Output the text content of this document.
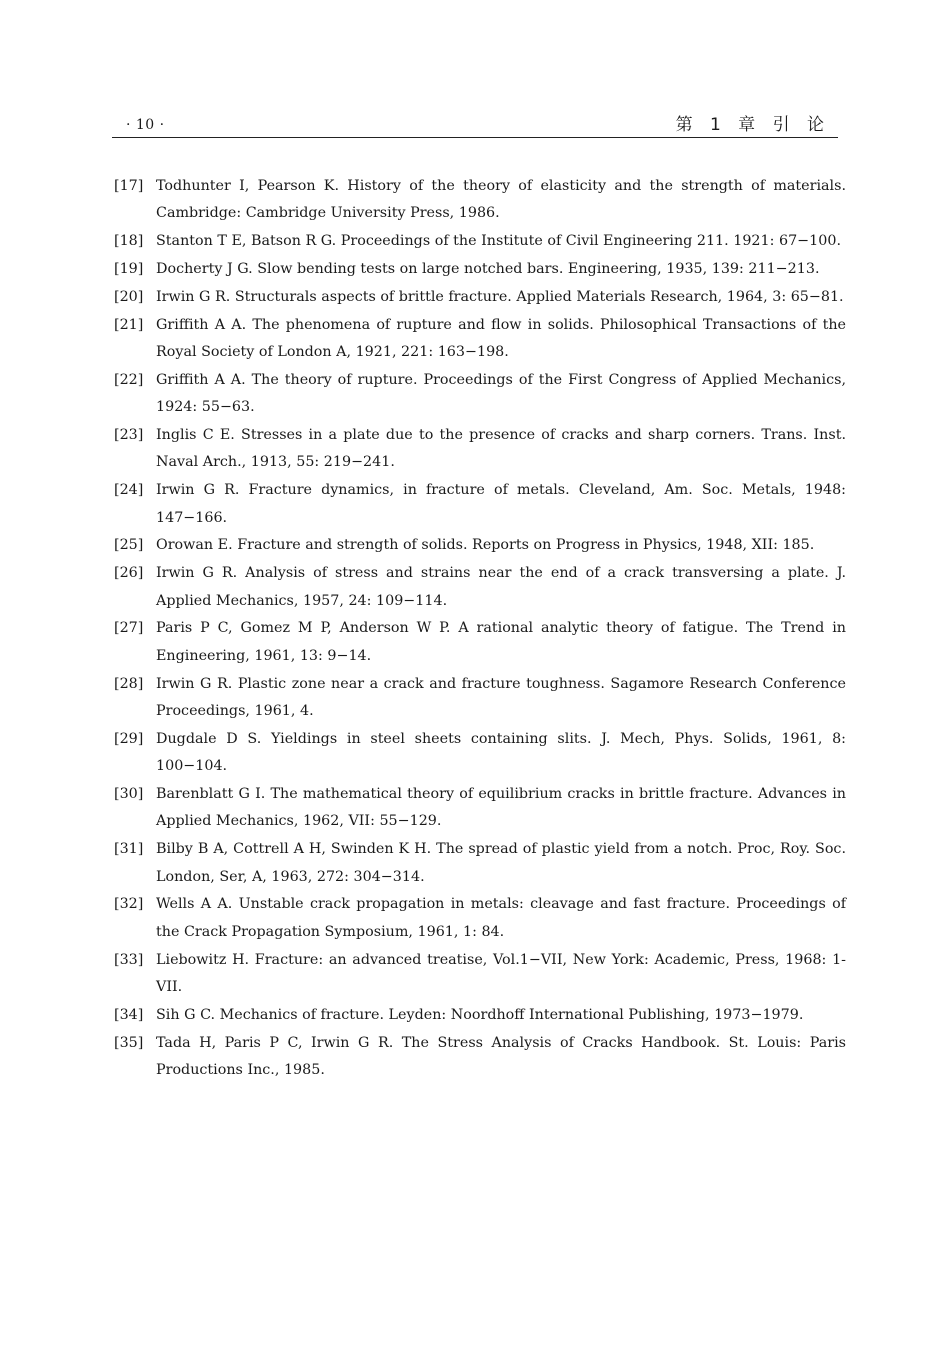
· 10 ·	第 1 章 引 论
[17] Todhunter I, Pearson K. History of the theory of elasticity and the strength of materials. Cambridge: Cambridge University Press, 1986.
[18] Stanton T E, Batson R G. Proceedings of the Institute of Civil Engineering 211. 1921: 67−100.
[19] Docherty J G. Slow bending tests on large notched bars. Engineering, 1935, 139: 211−213.
[20] Irwin G R. Structurals aspects of brittle fracture. Applied Materials Research, 1964, 3: 65−81.
[21] Griffith A A. The phenomena of rupture and flow in solids. Philosophical Transactions of the Royal Society of London A, 1921, 221: 163−198.
[22] Griffith A A. The theory of rupture. Proceedings of the First Congress of Applied Mechanics, 1924: 55−63.
[23] Inglis C E. Stresses in a plate due to the presence of cracks and sharp corners. Trans. Inst. Naval Arch., 1913, 55: 219−241.
[24] Irwin G R. Fracture dynamics, in fracture of metals. Cleveland, Am. Soc. Metals, 1948: 147−166.
[25] Orowan E. Fracture and strength of solids. Reports on Progress in Physics, 1948, XII: 185.
[26] Irwin G R. Analysis of stress and strains near the end of a crack transversing a plate. J. Applied Mechanics, 1957, 24: 109−114.
[27] Paris P C, Gomez M P, Anderson W P. A rational analytic theory of fatigue. The Trend in Engineering, 1961, 13: 9−14.
[28] Irwin G R. Plastic zone near a crack and fracture toughness. Sagamore Research Conference Proceedings, 1961, 4.
[29] Dugdale D S. Yieldings in steel sheets containing slits. J. Mech, Phys. Solids, 1961, 8: 100−104.
[30] Barenblatt G I. The mathematical theory of equilibrium cracks in brittle fracture. Advances in Applied Mechanics, 1962, VII: 55−129.
[31] Bilby B A, Cottrell A H, Swinden K H. The spread of plastic yield from a notch. Proc, Roy. Soc. London, Ser, A, 1963, 272: 304−314.
[32] Wells A A. Unstable crack propagation in metals: cleavage and fast fracture. Proceedings of the Crack Propagation Symposium, 1961, 1: 84.
[33] Liebowitz H. Fracture: an advanced treatise, Vol.1−VII, New York: Academic, Press, 1968: 1-VII.
[34] Sih G C. Mechanics of fracture. Leyden: Noordhoff International Publishing, 1973−1979.
[35] Tada H, Paris P C, Irwin G R. The Stress Analysis of Cracks Handbook. St. Louis: Paris Productions Inc., 1985.
